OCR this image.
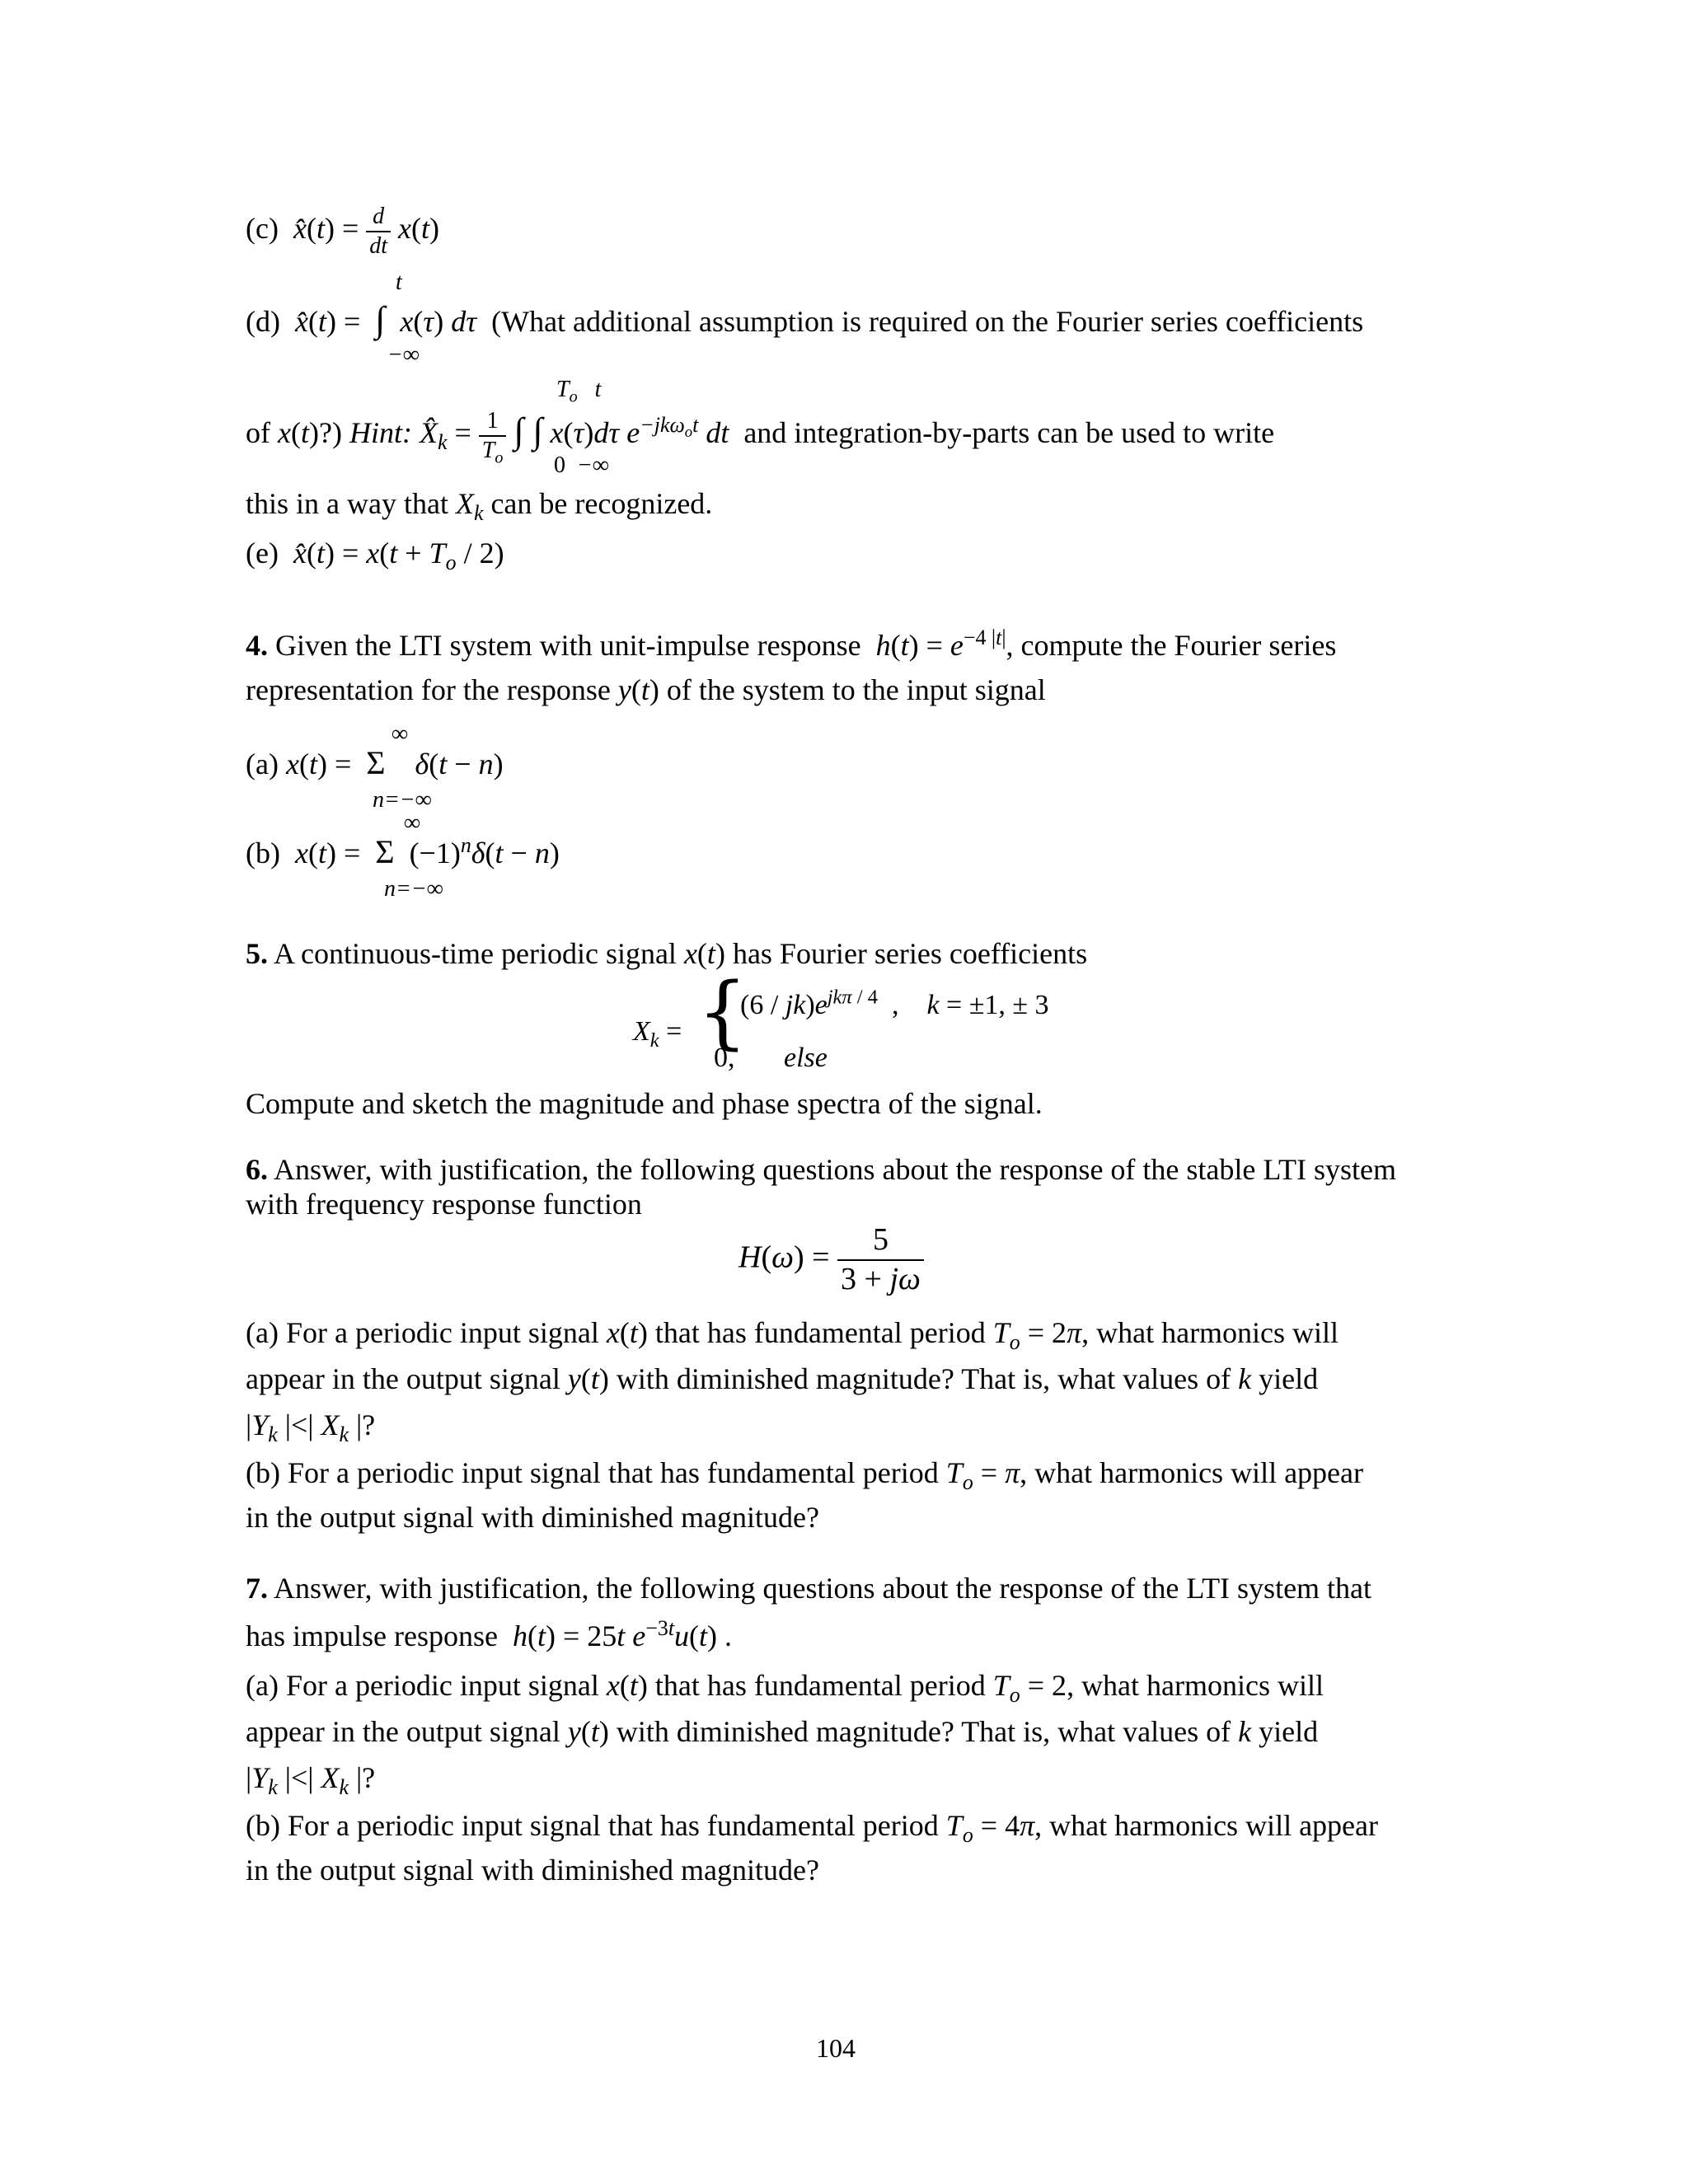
(c) x̂(t) = $\frac{d}{dt} x(t)$
t
(d) x̂(t) =  ∫  x(τ) dτ (What additional assumption is required on the Fourier series coefficients
−∞
$T_o$   t
of x(t)?) Hint: $X̂_k = \frac{1}{T_o}$ ∫ ∫ x(τ)dτ $e^{-jk\omega_ot}$ dt and integration-by-parts can be used to write
0  −∞
this in a way that $X_k$ can be recognized.
(e) x̂(t) = $x(t + T_o / 2)$
4. Given the LTI system with unit-impulse response $h(t) = e^{-4 |t|}$, compute the Fourier series
representation for the response y(t) of the system to the input signal
∞
(a) x(t) =  Σ    δ(t − n)
n=−∞
∞
(b) x(t) =  Σ $(-1)^n\delta(t - n)$
n=−∞
5. A continuous-time periodic signal x(t) has Fourier series coefficients
$X_k$ = {
$(6 / jk)e^{jk\pi / 4}$  ,    k = ±1, ± 3
0,       else
Compute and sketch the magnitude and phase spectra of the signal.
6. Answer, with justification, the following questions about the response of the stable LTI system
with frequency response function
$H(\omega) = \frac{5}{3 + j\omega}$
(a) For a periodic input signal x(t) that has fundamental period $T_o = 2\pi$, what harmonics will
appear in the output signal y(t) with diminished magnitude? That is, what values of k yield
$|Y_k$ |<| $X_k$ |?
(b) For a periodic input signal that has fundamental period $T_o = \pi$, what harmonics will appear
in the output signal with diminished magnitude?
7. Answer, with justification, the following questions about the response of the LTI system that
has impulse response h(t) = 25t $e^{-3t}u(t)$ .
(a) For a periodic input signal x(t) that has fundamental period $T_o = 2$, what harmonics will
appear in the output signal y(t) with diminished magnitude? That is, what values of k yield
$|Y_k$ |<| $X_k$ |?
(b) For a periodic input signal that has fundamental period $T_o = 4\pi$, what harmonics will appear
in the output signal with diminished magnitude?
104
